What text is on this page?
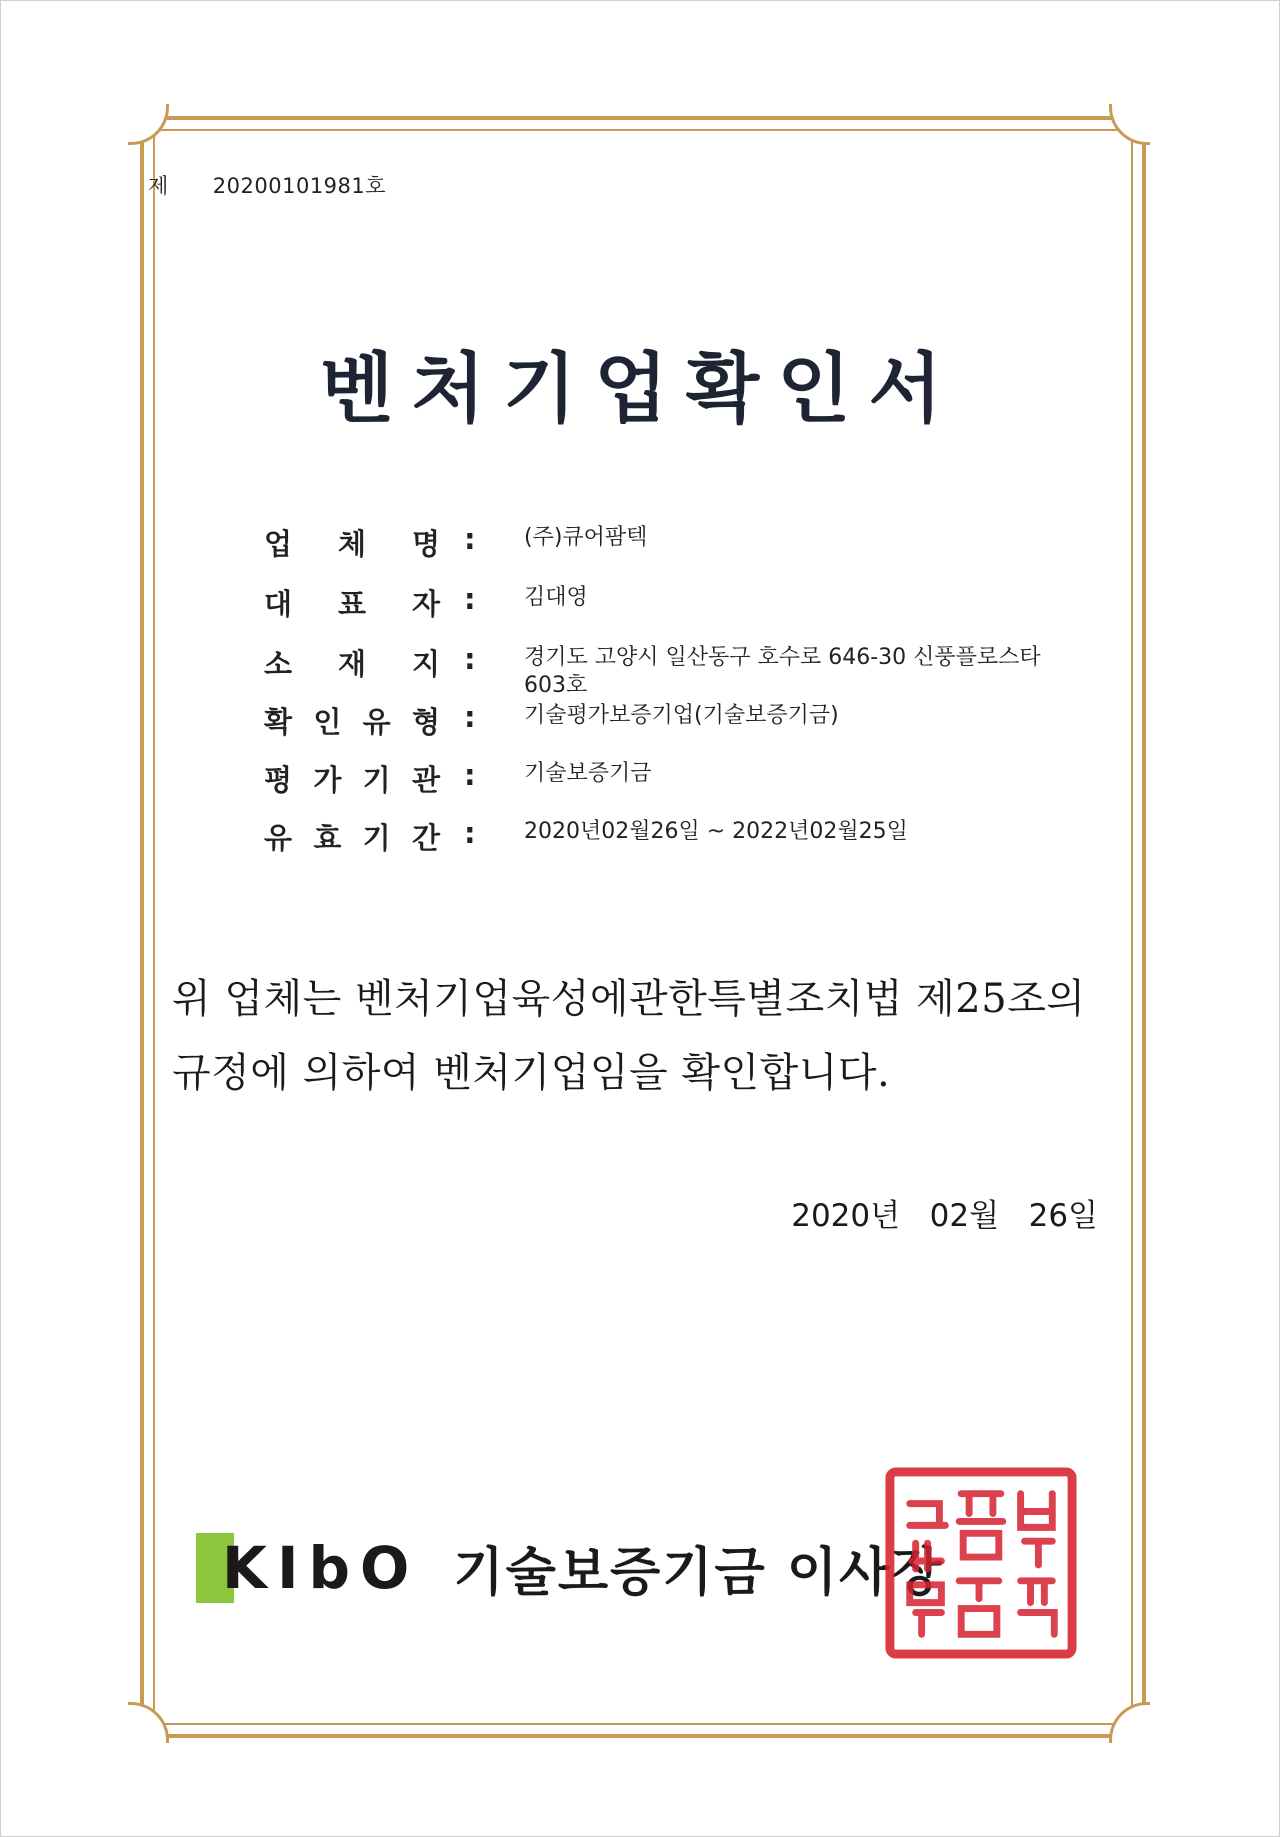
제 20200101981호
벤처기업확인서
업 체 명 : (주)큐어팜텍
대 표 자 : 김대영
소 재 지 : 경기도 고양시 일산동구 호수로 646-30 신풍플로스타
603호
확 인 유 형 : 기술평가보증기업(기술보증기금)
평 가 기 관 : 기술보증기금
유 효 기 간 : 2020년02월26일 ~ 2022년02월25일
위 업체는 벤처기업육성에관한특별조치법 제25조의
규정에 의하여 벤처기업임을 확인합니다.
2020년 02월 26일
KIbO 기술보증기금 이사장
